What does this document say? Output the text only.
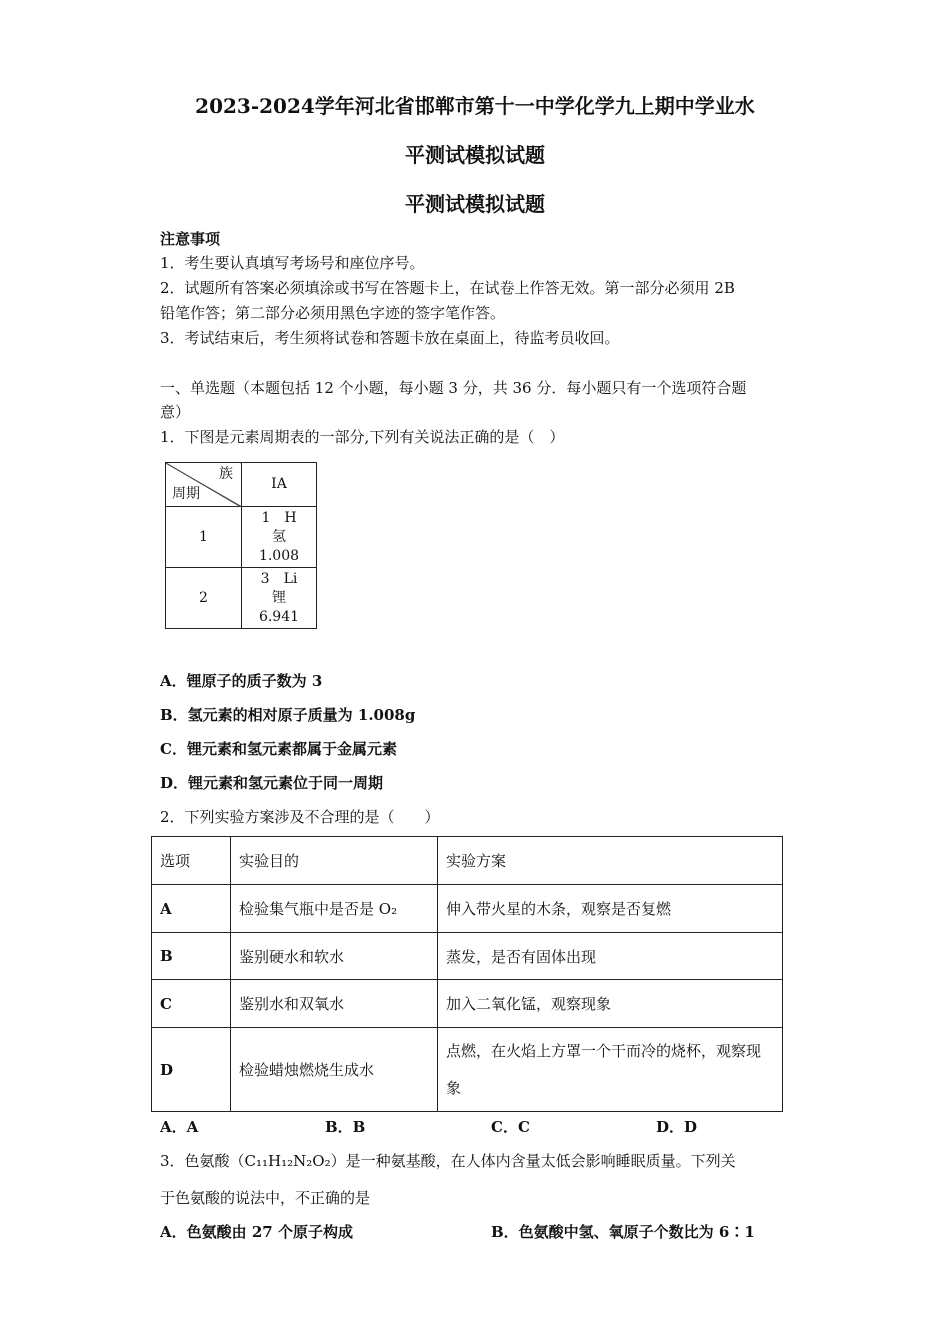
2023-2024学年河北省邯郸市第十一中学化学九上期中学业水
平测试模拟试题
平测试模拟试题
注意事项
1．考生要认真填写考场号和座位序号。
2．试题所有答案必须填涂或书写在答题卡上，在试卷上作答无效。第一部分必须用 2B
铅笔作答；第二部分必须用黑色字迹的签字笔作答。
3．考试结束后，考生须将试卷和答题卡放在桌面上，待监考员收回。
一、单选题（本题包括 12 个小题，每小题 3 分，共 36 分．每小题只有一个选项符合题
意）
1．下图是元素周期表的一部分,下列有关说法正确的是（　）
族
周期	ⅠA
1	1　H
氢
1.008

2	3　Li
锂
6.941
A．锂原子的质子数为 3
B．氢元素的相对原子质量为 1.008g
C．锂元素和氢元素都属于金属元素
D．锂元素和氢元素位于同一周期
2．下列实验方案涉及不合理的是（　　）
选项	实验目的	实验方案
A	检验集气瓶中是否是 O₂	伸入带火星的木条，观察是否复燃
B	鉴别硬水和软水	蒸发，是否有固体出现
C	鉴别水和双氧水	加入二氧化锰，观察现象
D	检验蜡烛燃烧生成水	点燃，在火焰上方罩一个干而冷的烧杯，观察现象
A．A	B．B	C．C	D．D
3．色氨酸（C₁₁H₁₂N₂O₂）是一种氨基酸，在人体内含量太低会影响睡眠质量。下列关
于色氨酸的说法中，不正确的是
A．色氨酸由 27 个原子构成	B．色氨酸中氢、氧原子个数比为 6∶1
